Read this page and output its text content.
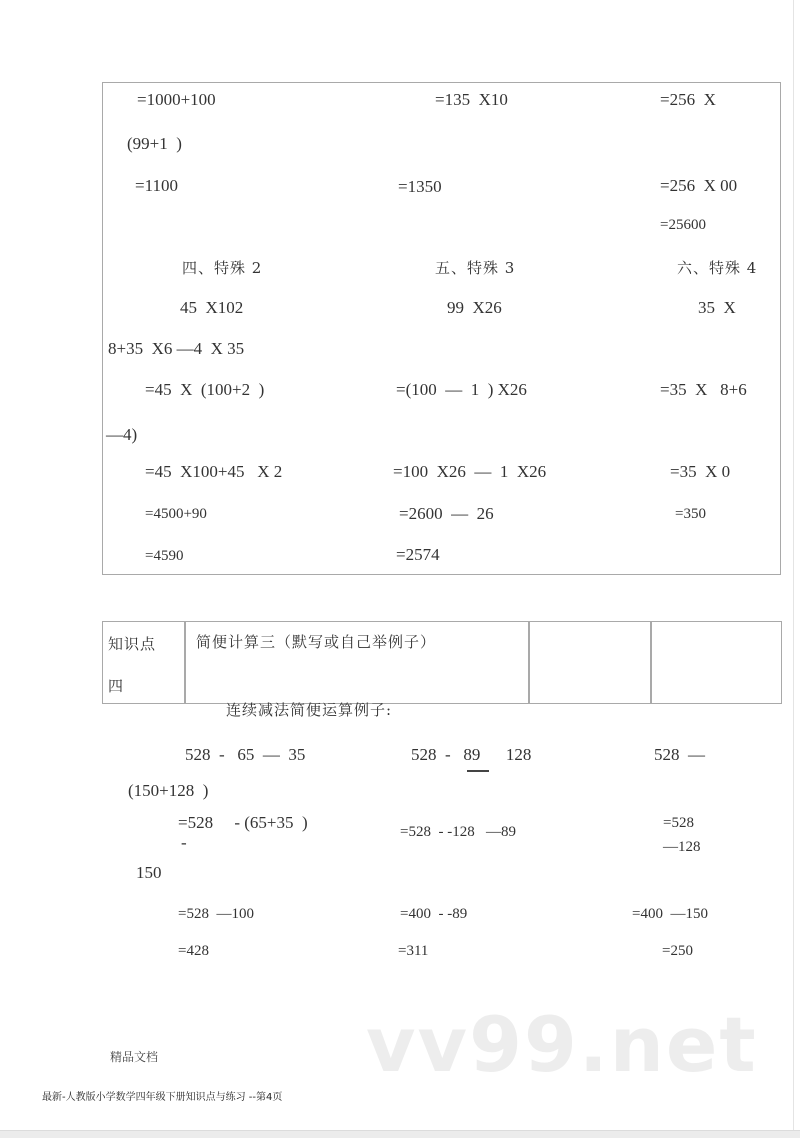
=1000+100
(99+1  )
=1100
=135  X10
=1350
=256  X
=256  X 00
=25600
四、特殊 2
45  X102
8+35  X6 —4  X 35
=45  X  (100+2  )
—4)
=45  X100+45   X 2
=4500+90
=4590
五、特殊 3
99  X26
=(100  —  1  ) X26
=100  X26  —  1  X26
=2600  —  26
=2574
六、特殊 4
35  X
=35  X   8+6
=35  X 0
=350
知识点
四
简便计算三（默写或自己举例子）
连续减法简便运算例子:
528  -   65  —  35
(150+128  )
=528     - (65+35  )
-
150
=528  —100
=428
528  -   89      128
=528  - -128   —89
=400  - -89
=311
528  —
=528
—128
=400  —150
=250
vv99.net
精品文档
最新-人教版小学数学四年级下册知识点与练习 --第4页
